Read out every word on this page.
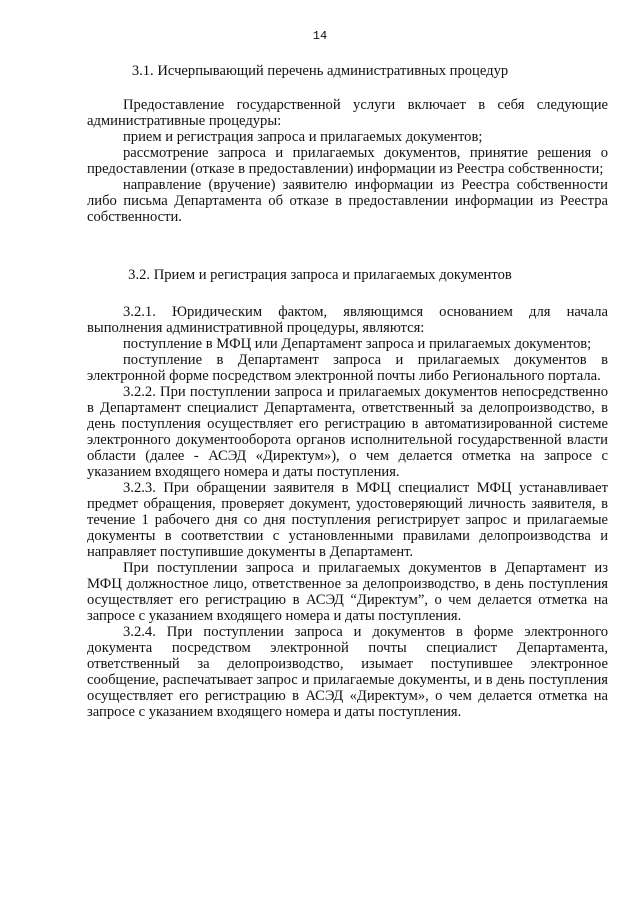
14
3.1. Исчерпывающий перечень административных процедур

Предоставление государственной услуги включает в себя следующие административные процедуры:

прием и регистрация запроса и прилагаемых документов;

рассмотрение запроса и прилагаемых документов, принятие решения о предоставлении (отказе в предоставлении) информации из Реестра собственности;

направление (вручение) заявителю информации из Реестра собственности либо письма Департамента об отказе в предоставлении информации из Реестра собственности.

3.2. Прием и регистрация запроса и прилагаемых документов

3.2.1. Юридическим фактом, являющимся основанием для начала выполнения административной процедуры, являются:

поступление в МФЦ или Департамент запроса и прилагаемых документов;

поступление в Департамент запроса и прилагаемых документов в электронной форме посредством электронной почты либо Регионального портала.

3.2.2. При поступлении запроса и прилагаемых документов непосредственно в Департамент специалист Департамента, ответственный за делопроизводство, в день поступления осуществляет его регистрацию в автоматизированной системе электронного документооборота органов исполнительной государственной власти области (далее - АСЭД «Директум»), о чем делается отметка на запросе с указанием входящего номера и даты поступления.

3.2.3. При обращении заявителя в МФЦ специалист МФЦ устанавливает предмет обращения, проверяет документ, удостоверяющий личность заявителя, в течение 1 рабочего дня со дня поступления регистрирует запрос и прилагаемые документы в соответствии с установленными правилами делопроизводства и направляет поступившие документы в Департамент.

При поступлении запроса и прилагаемых документов в Департамент из МФЦ должностное лицо, ответственное за делопроизводство, в день поступления осуществляет его регистрацию в АСЭД “Директум”, о чем делается отметка на запросе с указанием входящего номера и даты поступления.

3.2.4. При поступлении запроса и документов в форме электронного документа посредством электронной почты специалист Департамента, ответственный за делопроизводство, изымает поступившее электронное сообщение, распечатывает запрос и прилагаемые документы, и в день поступления осуществляет его регистрацию в АСЭД «Директум», о чем делается отметка на запросе с указанием входящего номера и даты поступления.
